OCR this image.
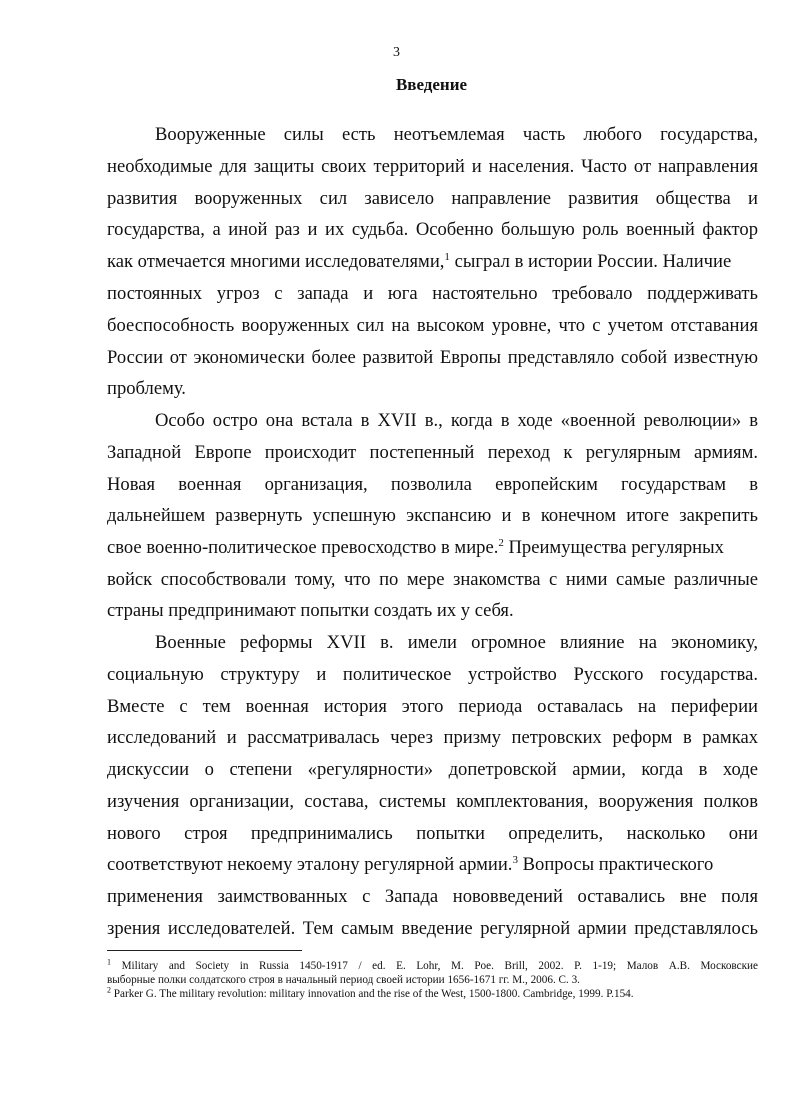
3
Введение
Вооруженные силы есть неотъемлемая часть любого государства,
необходимые для защиты своих территорий и населения. Часто от направления
развития вооруженных сил зависело направление развития общества и
государства, а иной раз и их судьба. Особенно большую роль военный фактор
как отмечается многими исследователями,$^1$ сыграл в истории России. Наличие
постоянных угроз с запада и юга настоятельно требовало поддерживать
боеспособность вооруженных сил на высоком уровне, что с учетом отставания
России от экономически более развитой Европы представляло собой известную
проблему.
Особо остро она встала в XVII в., когда в ходе «военной революции» в
Западной Европе происходит постепенный переход к регулярным армиям.
Новая военная организация, позволила европейским государствам в
дальнейшем развернуть успешную экспансию и в конечном итоге закрепить
свое военно-политическое превосходство в мире.$^2$ Преимущества регулярных
войск способствовали тому, что по мере знакомства с ними самые различные
страны предпринимают попытки создать их у себя.
Военные реформы XVII в. имели огромное влияние на экономику,
социальную структуру и политическое устройство Русского государства.
Вместе с тем военная история этого периода оставалась на периферии
исследований и рассматривалась через призму петровских реформ в рамках
дискуссии о степени «регулярности» допетровской армии, когда в ходе
изучения организации, состава, системы комплектования, вооружения полков
нового строя предпринимались попытки определить, насколько они
соответствуют некоему эталону регулярной армии.$^3$ Вопросы практического
применения заимствованных с Запада нововведений оставались вне поля
зрения исследователей. Тем самым введение регулярной армии представлялось
$^1$ Military and Society in Russia 1450-1917 / ed. E. Lohr, M. Poe. Brill, 2002. P. 1-19; Малов А.В. Московские
выборные полки солдатского строя в начальный период своей истории 1656-1671 гг. М., 2006. С. 3.
$^2$ Parker G. The military revolution: military innovation and the rise of the West, 1500-1800. Cambridge, 1999. P.154.
